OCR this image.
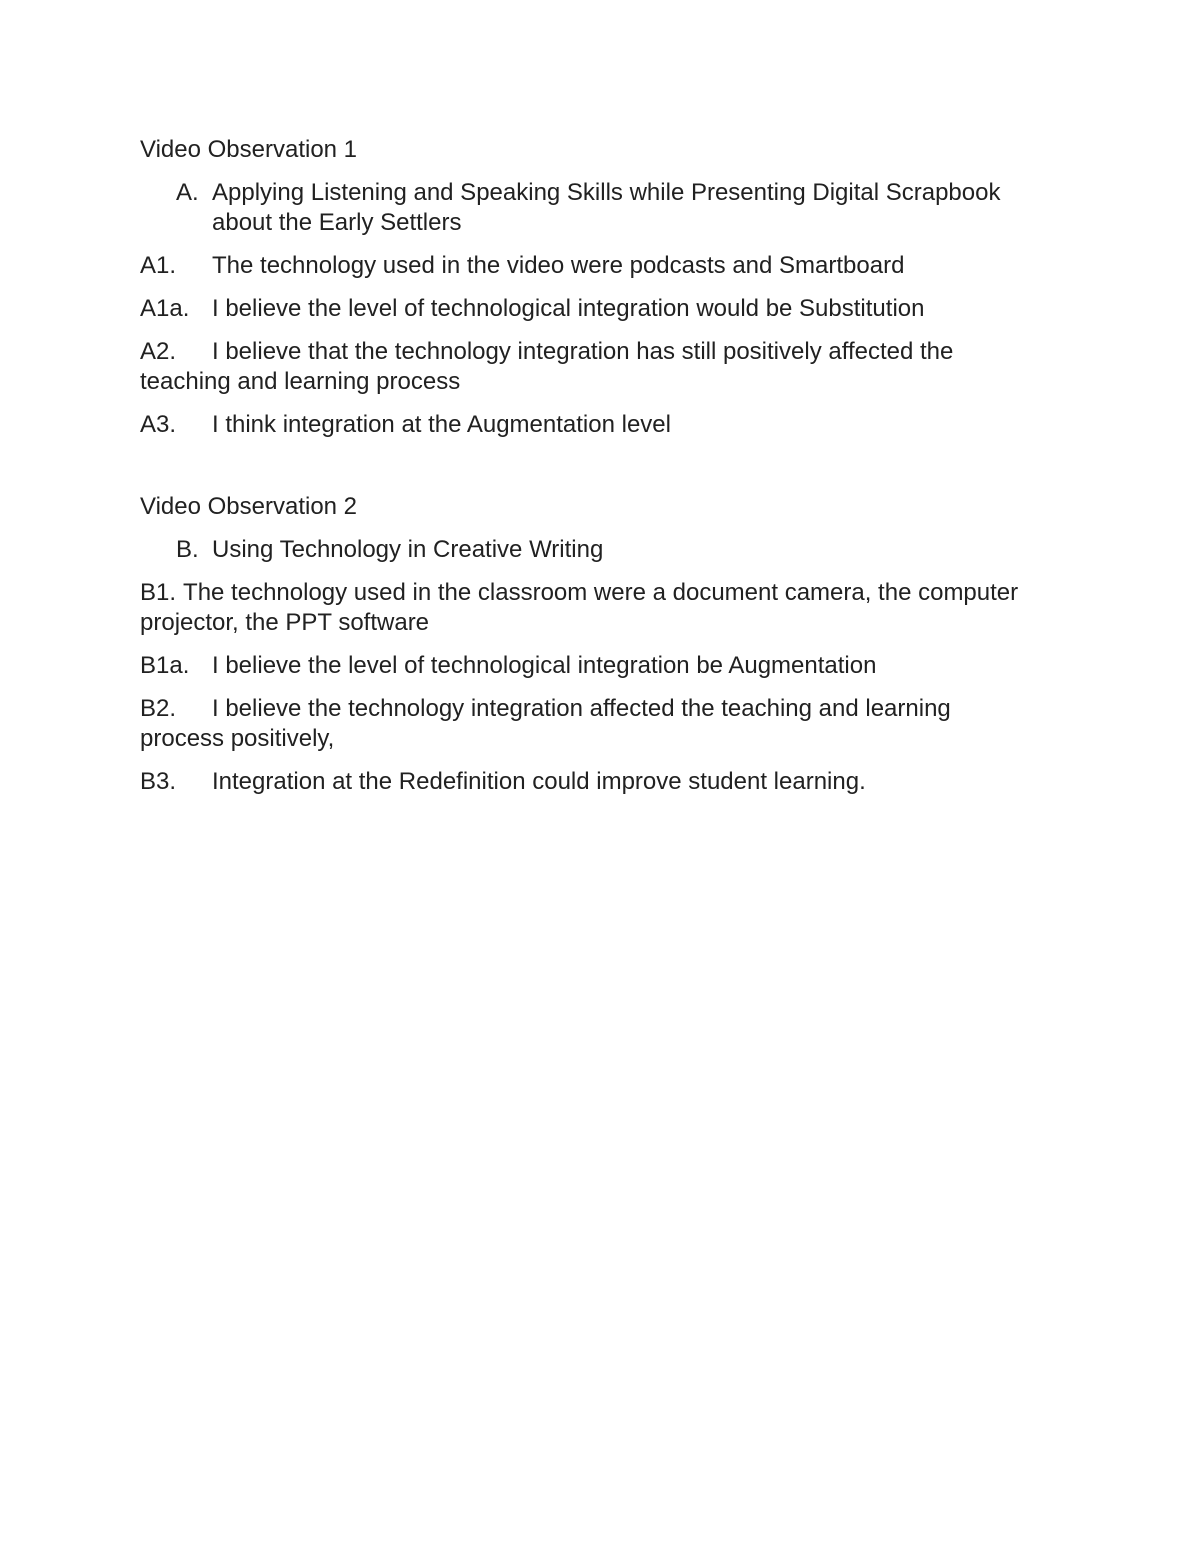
Video Observation 1
A. Applying Listening and Speaking Skills while Presenting Digital Scrapbook
about the Early Settlers
A1. The technology used in the video were podcasts and Smartboard
A1a. I believe the level of technological integration would be Substitution
A2. I believe that the technology integration has still positively affected the
teaching and learning process
A3. I think integration at the Augmentation level
Video Observation 2
B. Using Technology in Creative Writing
B1. The technology used in the classroom were a document camera, the computer
projector, the PPT software
B1a. I believe the level of technological integration be Augmentation
B2. I believe the technology integration affected the teaching and learning
process positively,
B3. Integration at the Redefinition could improve student learning.
